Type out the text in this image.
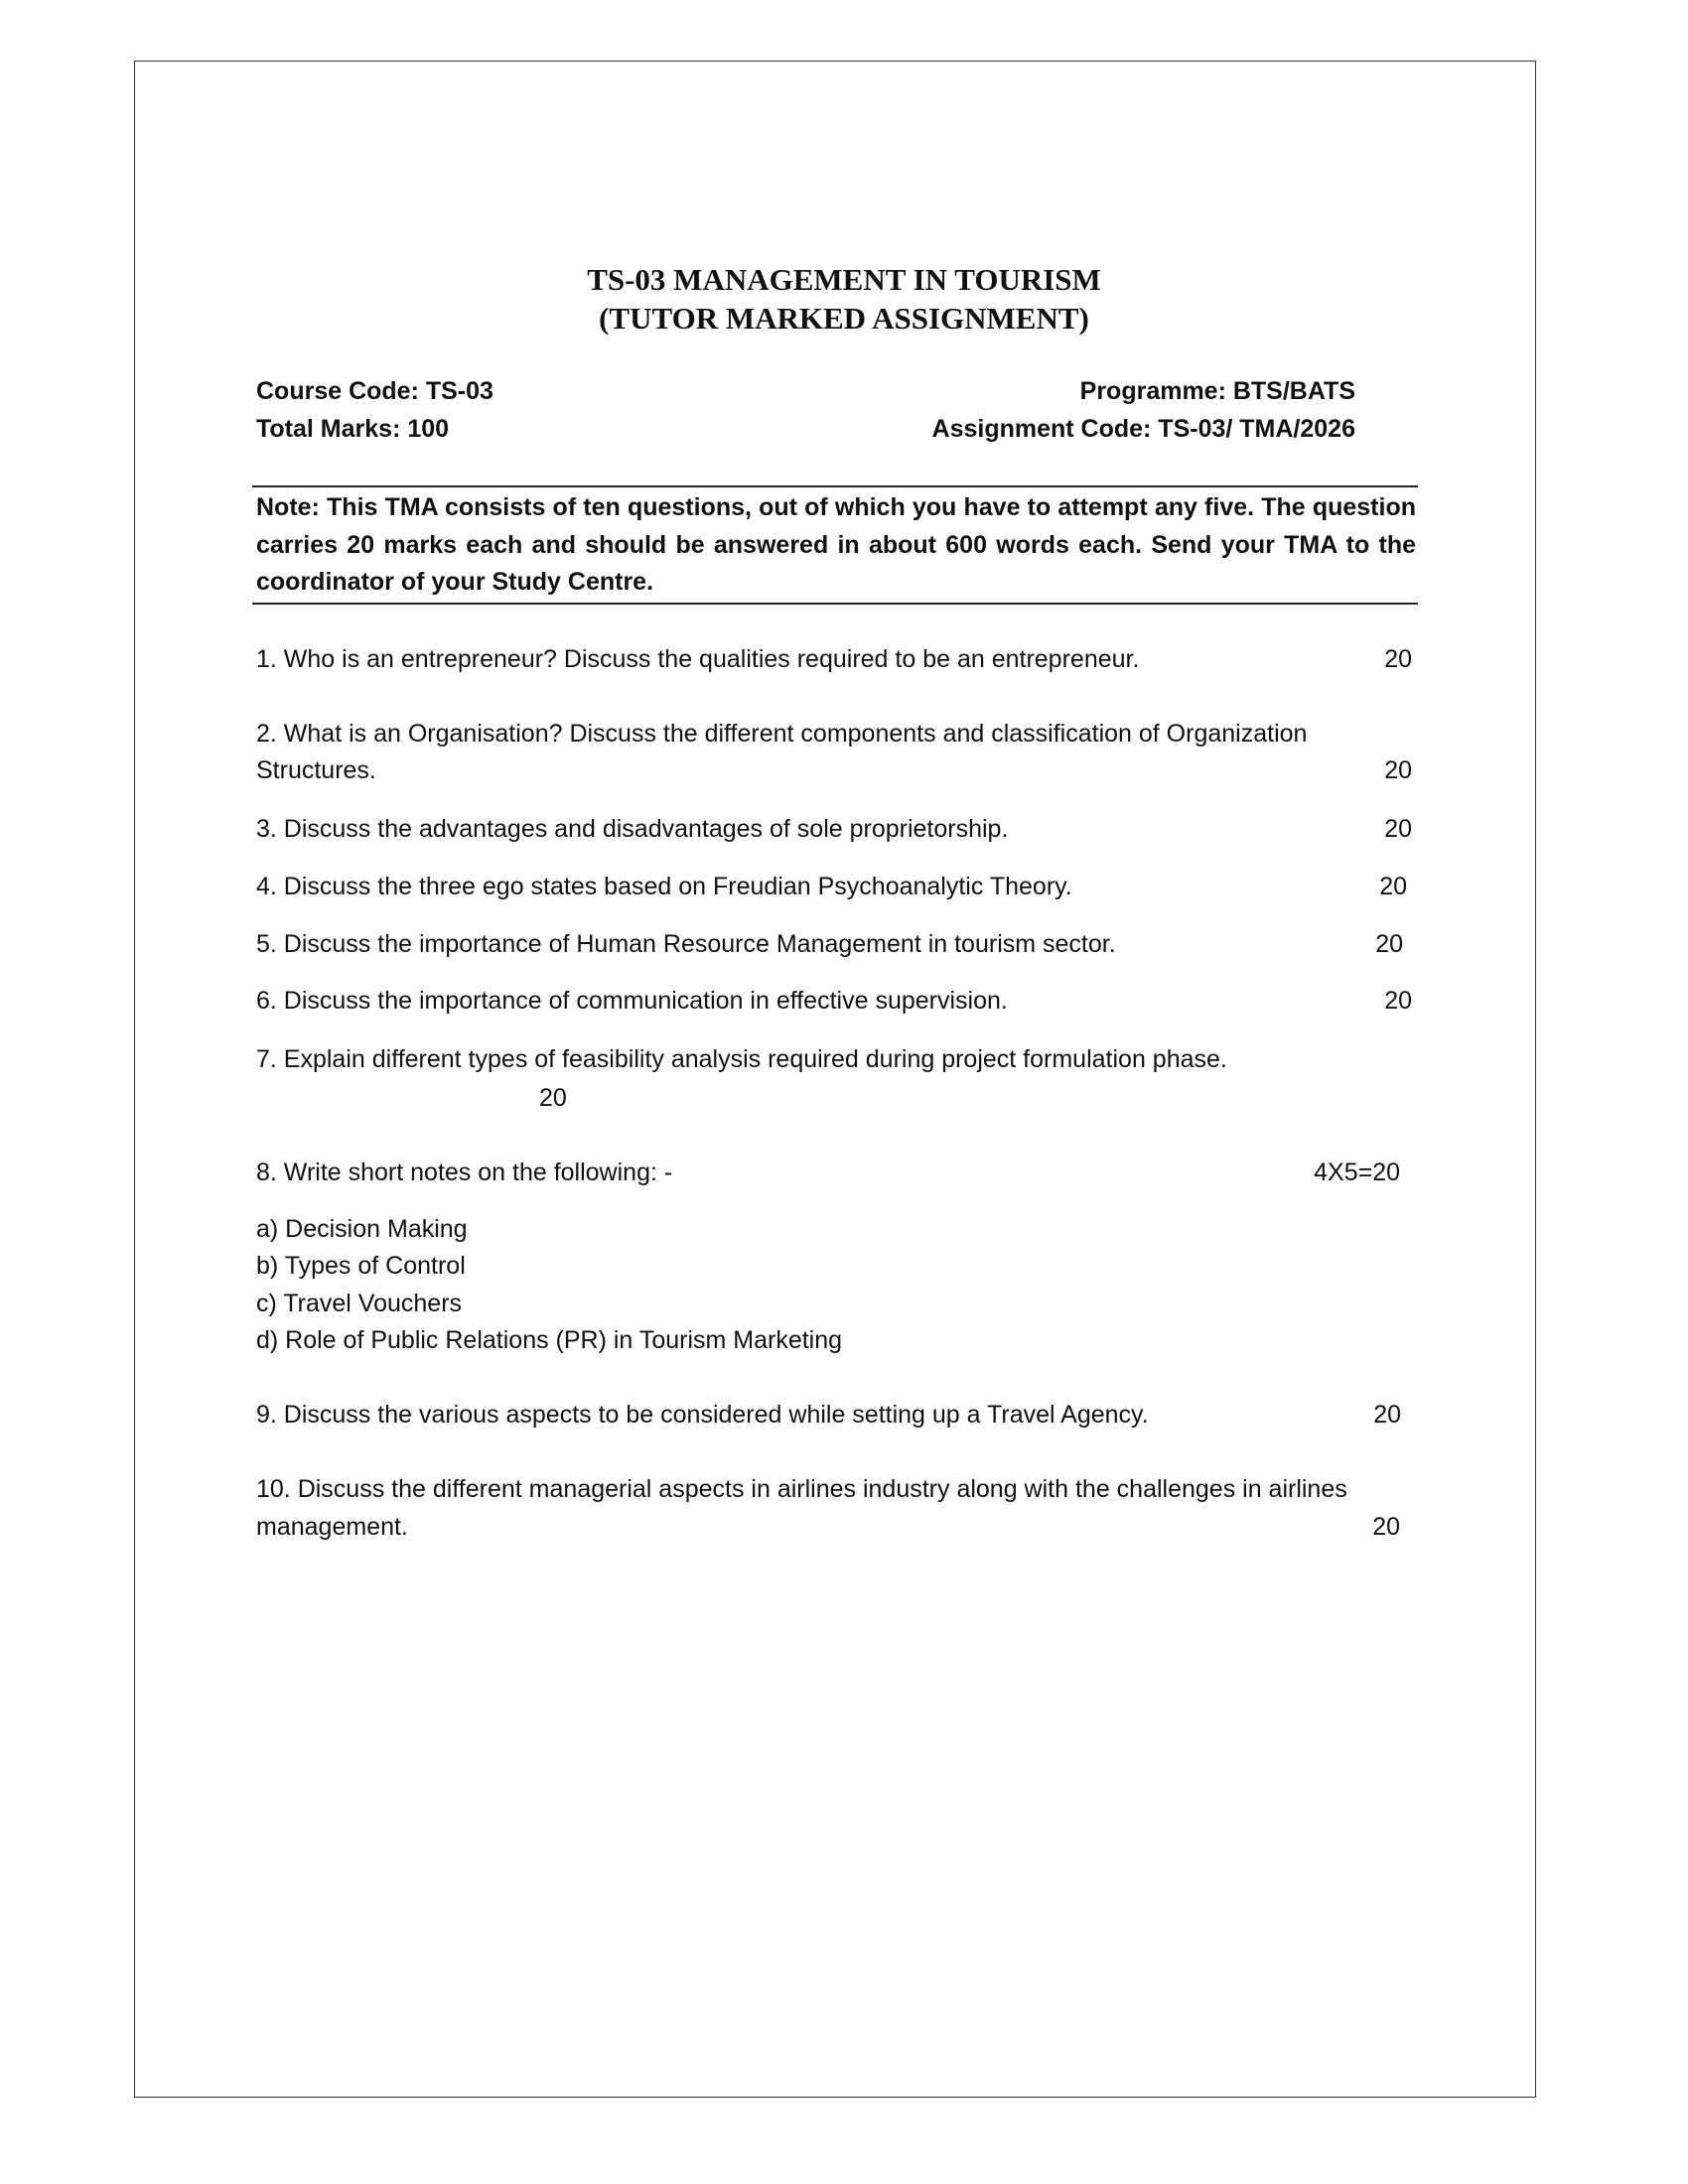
TS-03 MANAGEMENT IN TOURISM
(TUTOR MARKED ASSIGNMENT)
Course Code: TS-03	Programme: BTS/BATS
Total Marks: 100	Assignment Code: TS-03/ TMA/2026
Note: This TMA consists of ten questions, out of which you have to attempt any five. The question carries 20 marks each and should be answered in about 600 words each. Send your TMA to the coordinator of your Study Centre.
1. Who is an entrepreneur? Discuss the qualities required to be an entrepreneur.	20
2. What is an Organisation? Discuss the different components and classification of Organization
Structures.	20
3. Discuss the advantages and disadvantages of sole proprietorship.	20
4. Discuss the three ego states based on Freudian Psychoanalytic Theory.	20
5. Discuss the importance of Human Resource Management in tourism sector.	20
6. Discuss the importance of communication in effective supervision.	20
7. Explain different types of feasibility analysis required during project formulation phase.
20
8. Write short notes on the following: -	4X5=20
a) Decision Making
b) Types of Control
c) Travel Vouchers
d) Role of Public Relations (PR) in Tourism Marketing
9. Discuss the various aspects to be considered while setting up a Travel Agency.	20
10. Discuss the different managerial aspects in airlines industry along with the challenges in airlines
management.	20
